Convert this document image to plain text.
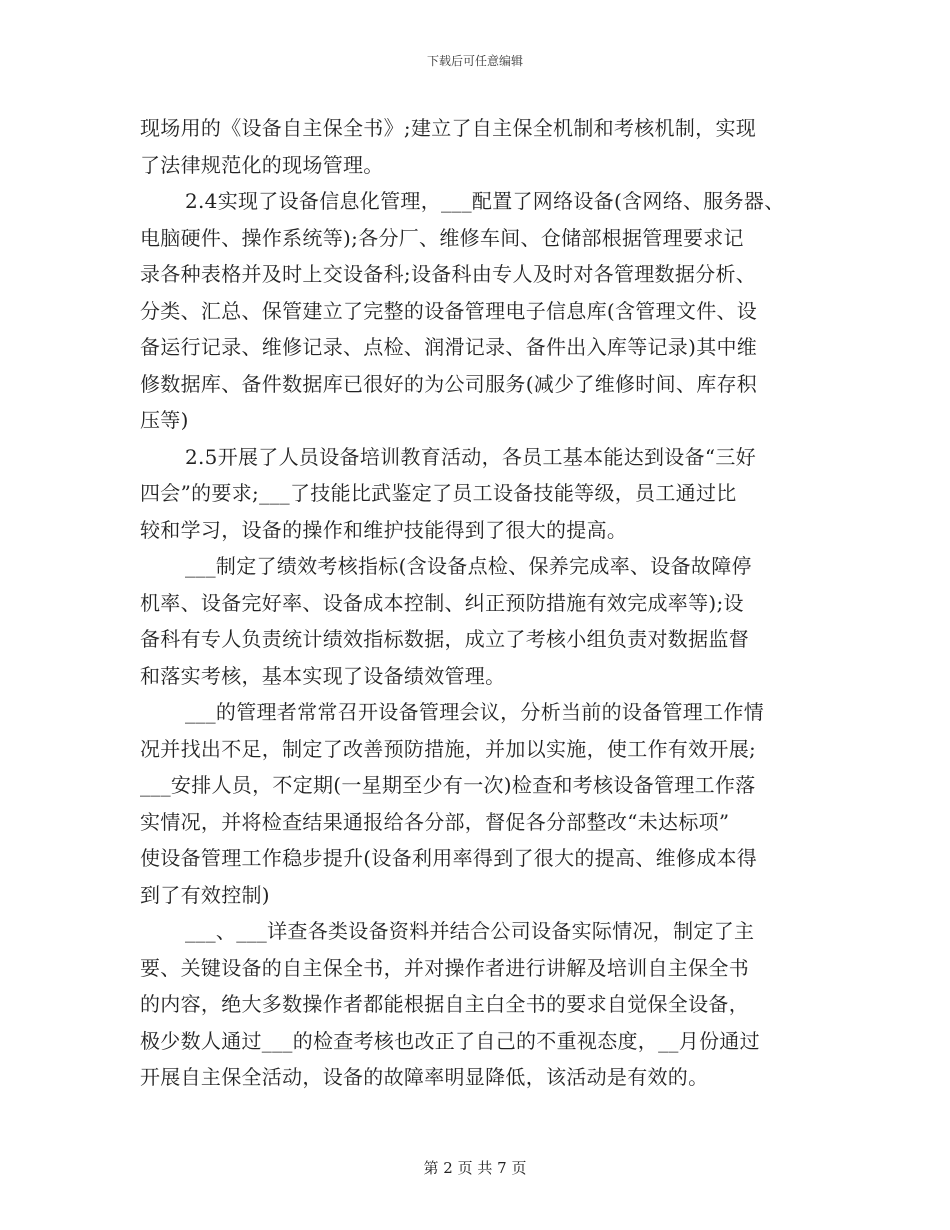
下载后可任意编辑
现场用的《设备自主保全书》;建立了自主保全机制和考核机制，实现
了法律规范化的现场管理。
2.4实现了设备信息化管理，___配置了网络设备(含网络、服务器、
电脑硬件、操作系统等);各分厂、维修车间、仓储部根据管理要求记
录各种表格并及时上交设备科;设备科由专人及时对各管理数据分析、
分类、汇总、保管建立了完整的设备管理电子信息库(含管理文件、设
备运行记录、维修记录、点检、润滑记录、备件出入库等记录)其中维
修数据库、备件数据库已很好的为公司服务(减少了维修时间、库存积
压等)
2.5开展了人员设备培训教育活动，各员工基本能达到设备“三好
四会”的要求;___了技能比武鉴定了员工设备技能等级，员工通过比
较和学习，设备的操作和维护技能得到了很大的提高。
___制定了绩效考核指标(含设备点检、保养完成率、设备故障停
机率、设备完好率、设备成本控制、纠正预防措施有效完成率等);设
备科有专人负责统计绩效指标数据，成立了考核小组负责对数据监督
和落实考核，基本实现了设备绩效管理。
___的管理者常常召开设备管理会议，分析当前的设备管理工作情
况并找出不足，制定了改善预防措施，并加以实施，使工作有效开展;
___安排人员，不定期(一星期至少有一次)检查和考核设备管理工作落
实情况，并将检查结果通报给各分部，督促各分部整改“未达标项”
使设备管理工作稳步提升(设备利用率得到了很大的提高、维修成本得
到了有效控制)
___、___详查各类设备资料并结合公司设备实际情况，制定了主
要、关键设备的自主保全书，并对操作者进行讲解及培训自主保全书
的内容，绝大多数操作者都能根据自主白全书的要求自觉保全设备，
极少数人通过___的检查考核也改正了自己的不重视态度，__月份通过
开展自主保全活动，设备的故障率明显降低，该活动是有效的。
第 2 页 共 7 页
